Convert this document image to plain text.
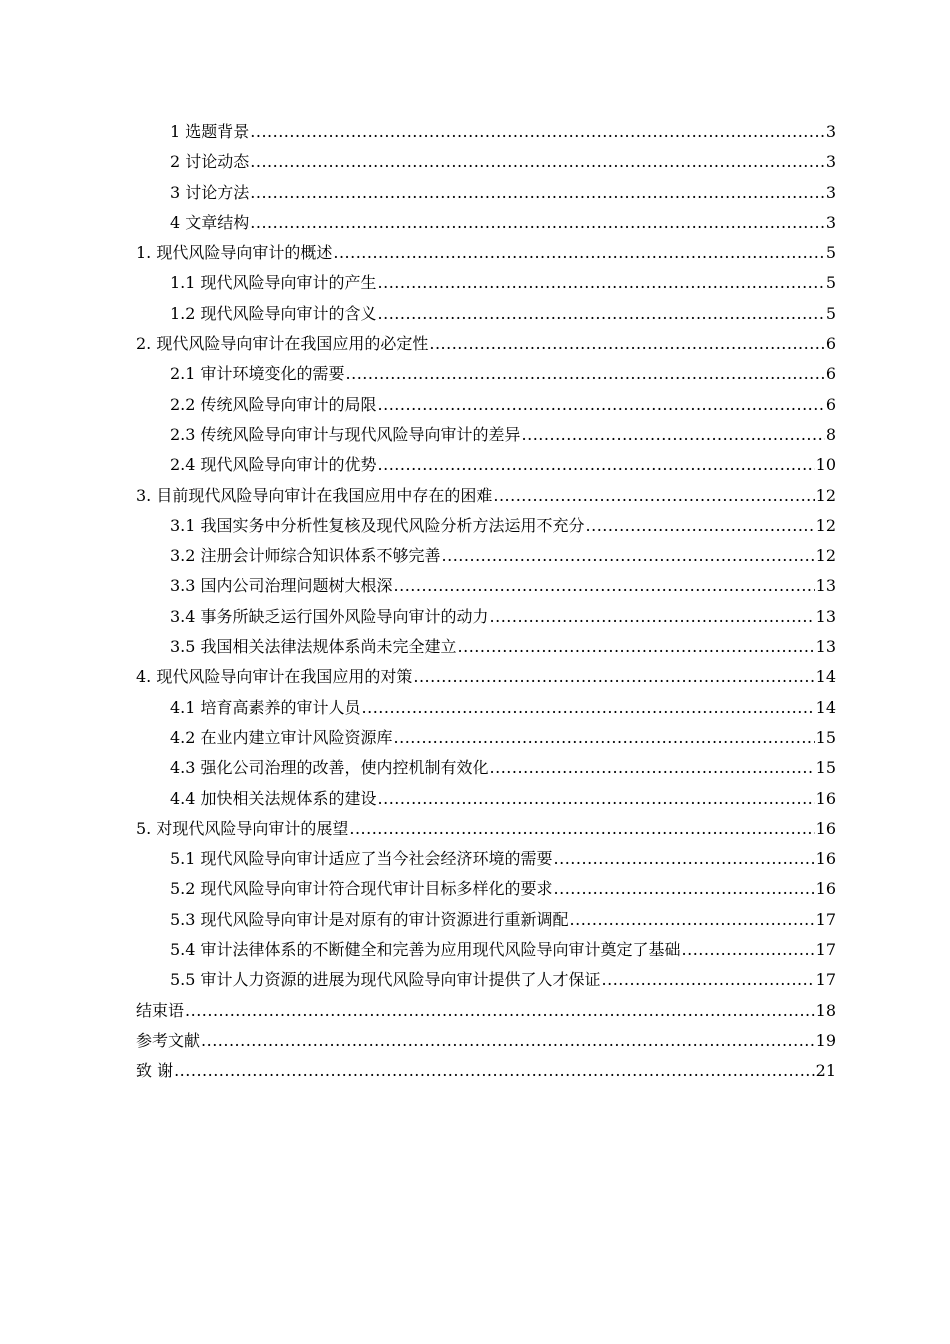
1 选题背景 .....	3
2 讨论动态 .....	3
3 讨论方法 .....	3
4 文章结构 .....	3
1. 现代风险导向审计的概述 .....	5
1.1 现代风险导向审计的产生 .....	5
1.2 现代风险导向审计的含义 .....	5
2. 现代风险导向审计在我国应用的必定性 .....	6
2.1 审计环境变化的需要 .....	6
2.2 传统风险导向审计的局限 .....	6
2.3 传统风险导向审计与现代风险导向审计的差异 .....	8
2.4 现代风险导向审计的优势 .....	10
3. 目前现代风险导向审计在我国应用中存在的困难 .....	12
3.1 我国实务中分析性复核及现代风险分析方法运用不充分 .....	12
3.2 注册会计师综合知识体系不够完善 .....	12
3.3 国内公司治理问题树大根深 .....	13
3.4 事务所缺乏运行国外风险导向审计的动力 .....	13
3.5 我国相关法律法规体系尚未完全建立 .....	13
4. 现代风险导向审计在我国应用的对策 .....	14
4.1 培育高素养的审计人员 .....	14
4.2 在业内建立审计风险资源库 .....	15
4.3 强化公司治理的改善，使内控机制有效化 .....	15
4.4 加快相关法规体系的建设 .....	16
5. 对现代风险导向审计的展望 .....	16
5.1 现代风险导向审计适应了当今社会经济环境的需要 .....	16
5.2 现代风险导向审计符合现代审计目标多样化的要求 .....	16
5.3 现代风险导向审计是对原有的审计资源进行重新调配 .....	17
5.4 审计法律体系的不断健全和完善为应用现代风险导向审计奠定了基础 .....	17
5.5 审计人力资源的进展为现代风险导向审计提供了人才保证 .....	17
结束语 .....	18
参考文献 .....	19
致 谢 .....	21
